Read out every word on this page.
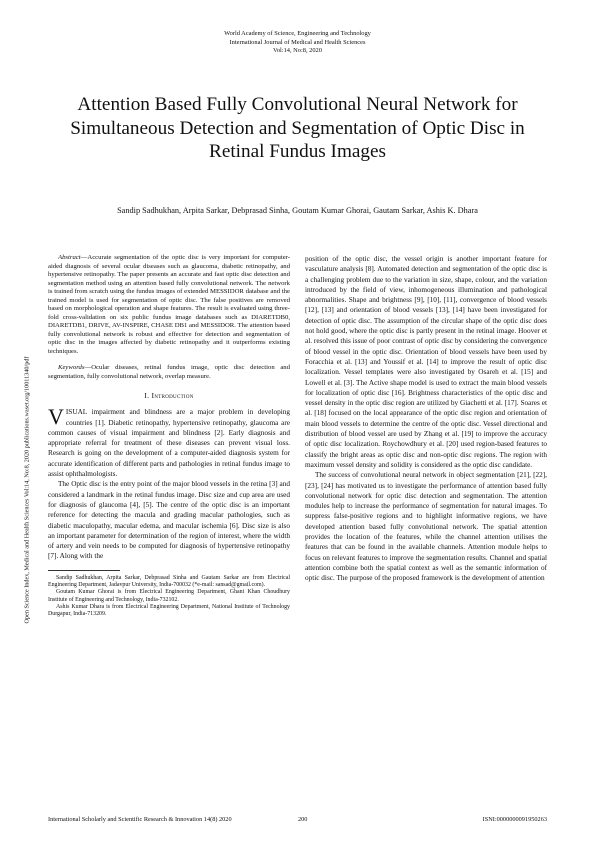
World Academy of Science, Engineering and Technology
International Journal of Medical and Health Sciences
Vol:14, No:8, 2020
Attention Based Fully Convolutional Neural Network for Simultaneous Detection and Segmentation of Optic Disc in Retinal Fundus Images
Sandip Sadhukhan, Arpita Sarkar, Debprasad Sinha, Goutam Kumar Ghorai, Gautam Sarkar, Ashis K. Dhara
Open Science Index, Medical and Health Sciences Vol:14, No:8, 2020 publications.waset.org/10011340/pdf

Abstract—Accurate segmentation of the optic disc is very important for computer-aided diagnosis of several ocular diseases such as glaucoma, diabetic retinopathy, and hypertensive retinopathy. The paper presents an accurate and fast optic disc detection and segmentation method using an attention based fully convolutional network. The network is trained from scratch using the fundus images of extended MESSIDOR database and the trained model is used for segmentation of optic disc. The false positives are removed based on morphological operation and shape features. The result is evaluated using three-fold cross-validation on six public fundus image databases such as DIARETDB0, DIARETDB1, DRIVE, AV-INSPIRE, CHASE DB1 and MESSIDOR. The attention based fully convolutional network is robust and effective for detection and segmentation of optic disc in the images affected by diabetic retinopathy and it outperforms existing techniques.

Keywords—Ocular diseases, retinal fundus image, optic disc detection and segmentation, fully convolutional network, overlap measure.

I. Introduction

VISUAL impairment and blindness are a major problem in developing countries [1]. Diabetic retinopathy, hypertensive retinopathy, glaucoma are common causes of visual impairment and blindness [2]. Early diagnosis and appropriate referral for treatment of these diseases can prevent visual loss. Research is going on the development of a computer-aided diagnosis system for accurate identification of different parts and pathologies in retinal fundus image to assist ophthalmologists.

The Optic disc is the entry point of the major blood vessels in the retina [3] and considered a landmark in the retinal fundus image. Disc size and cup area are used for diagnosis of glaucoma [4], [5]. The centre of the optic disc is an important reference for detecting the macula and grading macular pathologies, such as diabetic maculopathy, macular edema, and macular ischemia [6]. Disc size is also an important parameter for determination of the region of interest, where the width of artery and vein needs to be computed for diagnosis of hypertensive retinopathy [7]. Along with the

Sandip Sadhukhan, Arpita Sarkar, Debprasad Sinha and Gautam Sarkar are from Electrical Engineering Department, Jadavpur University, India-700032 (*e-mail: sansad@gmail.com).

Goutam Kumar Ghorai is from Electrical Engineering Department, Ghani Khan Choudhury Institute of Engineering and Technology, India-732102.

Ashis Kumar Dhara is from Electrical Engineering Department, National Institute of Technology Durgapur, India-713209.

position of the optic disc, the vessel origin is another important feature for vasculature analysis [8]. Automated detection and segmentation of the optic disc is a challenging problem due to the variation in size, shape, colour, and the variation introduced by the field of view, inhomogeneous illumination and pathological abnormalities. Shape and brightness [9], [10], [11], convergence of blood vessels [12], [13] and orientation of blood vessels [13], [14] have been investigated for detection of optic disc. The assumption of the circular shape of the optic disc does not hold good, where the optic disc is partly present in the retinal image. Hoover et al. resolved this issue of poor contrast of optic disc by considering the convergence of blood vessel in the optic disc. Orientation of blood vessels have been used by Foracchia et al. [13] and Youssif et al. [14] to improve the result of optic disc localization. Vessel templates were also investigated by Osareh et al. [15] and Lowell et al. [3]. The Active shape model is used to extract the main blood vessels for localization of optic disc [16]. Brightness characteristics of the optic disc and vessel density in the optic disc region are utilized by Giachetti et al. [17]. Soares et al. [18] focused on the local appearance of the optic disc region and orientation of main blood vessels to determine the centre of the optic disc. Vessel directional and distribution of blood vessel are used by Zhang et al. [19] to improve the accuracy of optic disc localization. Roychowdhury et al. [20] used region-based features to classify the bright areas as optic disc and non-optic disc regions. The region with maximum vessel density and solidity is considered as the optic disc candidate.

The success of convolutional neural network in object segmentation [21], [22], [23], [24] has motivated us to investigate the performance of attention based fully convolutional network for optic disc detection and segmentation. The attention modules help to increase the performance of segmentation for natural images. To suppress false-positive regions and to highlight informative regions, we have developed attention based fully convolutional network. The spatial attention provides the location of the features, while the channel attention utilises the features that can be found in the available channels. Attention module helps to focus on relevant features to improve the segmentation results. Channel and spatial attention combine both the spatial context as well as the semantic information of optic disc. The purpose of the proposed framework is the development of attention

International Scholarly and Scientific Research & Innovation 14(8) 2020	200	ISNI:0000000091950263
